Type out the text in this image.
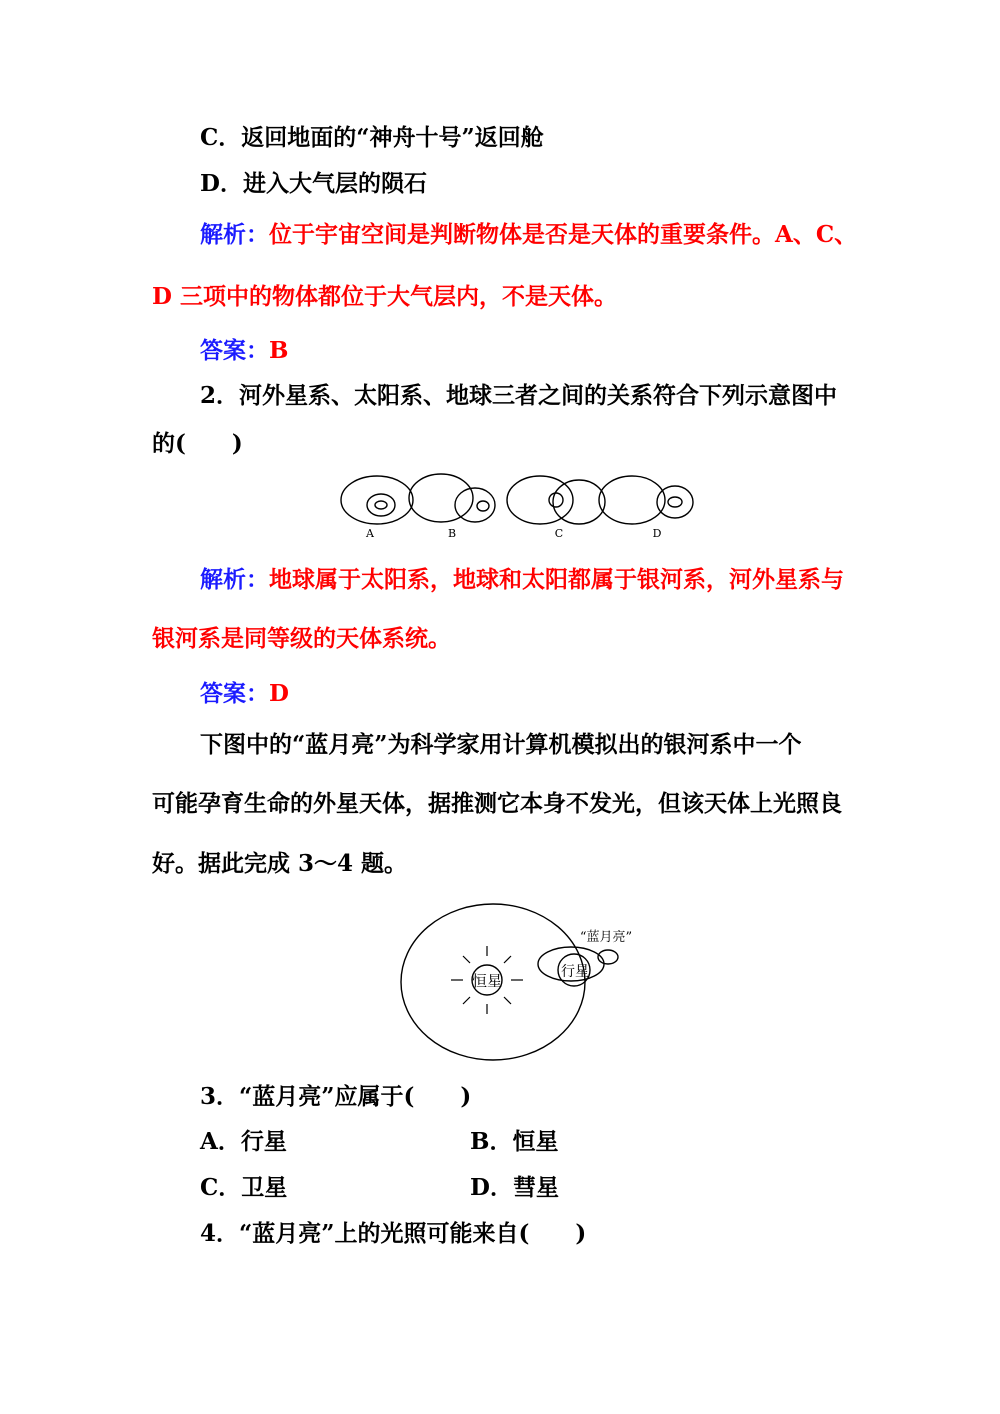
C．返回地面的“神舟十号”返回舱
D．进入大气层的陨石
解析：位于宇宙空间是判断物体是否是天体的重要条件。A、C、
D 三项中的物体都位于大气层内，不是天体。
答案：B
2．河外星系、太阳系、地球三者之间的关系符合下列示意图中
的(　　)
A	B	C	D
解析：地球属于太阳系，地球和太阳都属于银河系，河外星系与
银河系是同等级的天体系统。
答案：D
下图中的“蓝月亮”为科学家用计算机模拟出的银河系中一个
可能孕育生命的外星天体，据推测它本身不发光，但该天体上光照良
好。据此完成 3～4 题。
恒星	行星
“蓝月亮”
3．“蓝月亮”应属于(　　)
A．行星	B．恒星
C．卫星	D．彗星
4．“蓝月亮”上的光照可能来自(　　)
